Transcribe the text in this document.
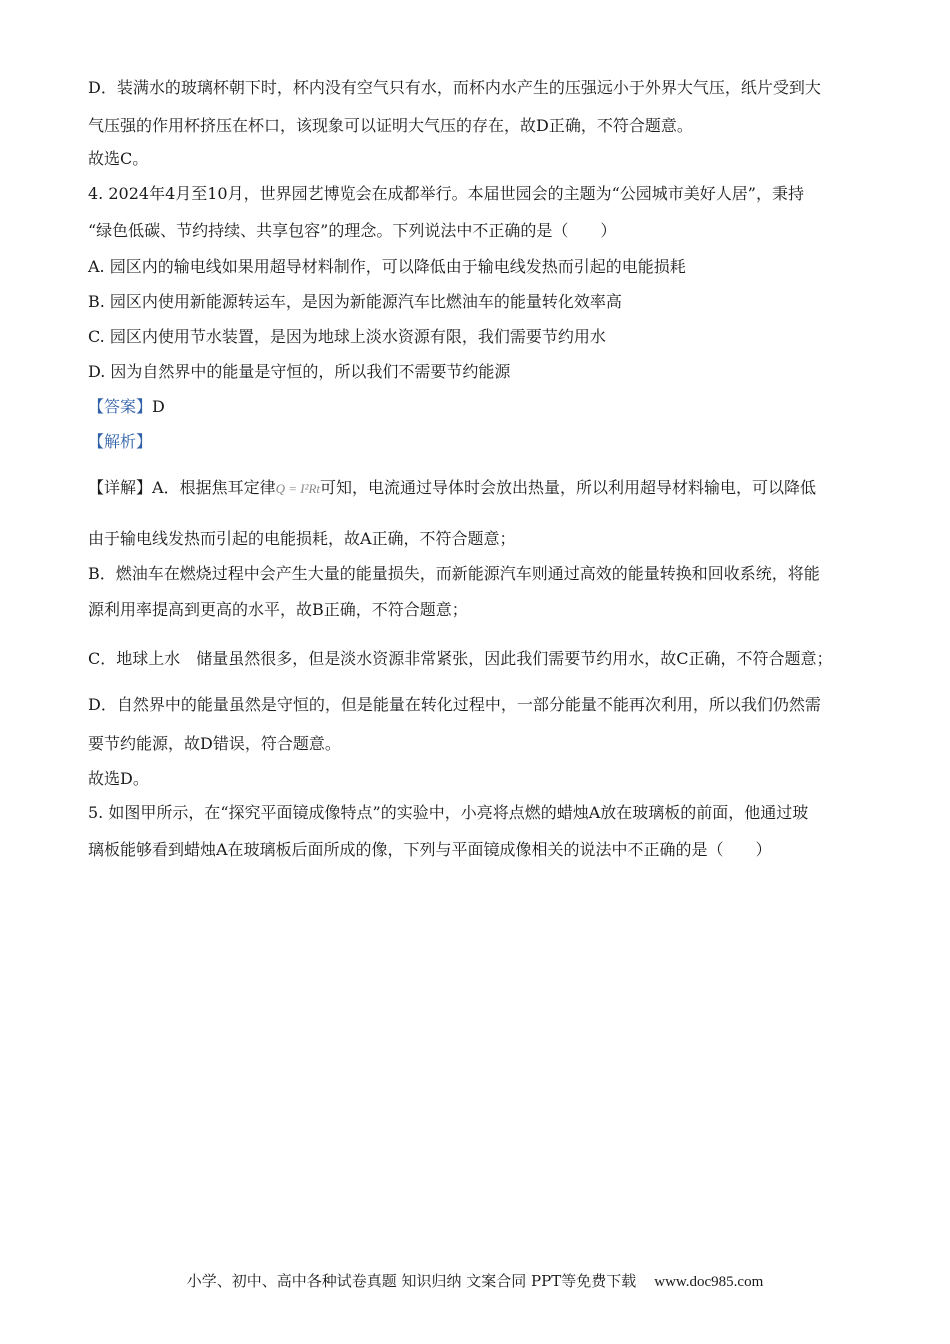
D．装满水的玻璃杯朝下时，杯内没有空气只有水，而杯内水产生的压强远小于外界大气压，纸片受到大
气压强的作用杯挤压在杯口，该现象可以证明大气压的存在，故D正确，不符合题意。
故选C。
4. 2024年4月至10月，世界园艺博览会在成都举行。本届世园会的主题为“公园城市美好人居”，秉持
“绿色低碳、节约持续、共享包容”的理念。下列说法中不正确的是（　　）
A. 园区内的输电线如果用超导材料制作，可以降低由于输电线发热而引起的电能损耗
B. 园区内使用新能源转运车，是因为新能源汽车比燃油车的能量转化效率高
C. 园区内使用节水装置，是因为地球上淡水资源有限，我们需要节约用水
D. 因为自然界中的能量是守恒的，所以我们不需要节约能源
【答案】D
【解析】
【详解】A．根据焦耳定律Q = I²Rt可知，电流通过导体时会放出热量，所以利用超导材料输电，可以降低
由于输电线发热而引起的电能损耗，故A正确，不符合题意；
B．燃油车在燃烧过程中会产生大量的能量损失，而新能源汽车则通过高效的能量转换和回收系统，将能
源利用率提高到更高的水平，故B正确，不符合题意；
C．地球上水　储量虽然很多，但是淡水资源非常紧张，因此我们需要节约用水，故C正确，不符合题意；
D．自然界中的能量虽然是守恒的，但是能量在转化过程中，一部分能量不能再次利用，所以我们仍然需
要节约能源，故D错误，符合题意。
故选D。
5. 如图甲所示，在“探究平面镜成像特点”的实验中，小亮将点燃的蜡烛A放在玻璃板的前面，他通过玻
璃板能够看到蜡烛A在玻璃板后面所成的像，下列与平面镜成像相关的说法中不正确的是（　　）
小学、初中、高中各种试卷真题 知识归纳 文案合同 PPT等免费下载 www.doc985.com
